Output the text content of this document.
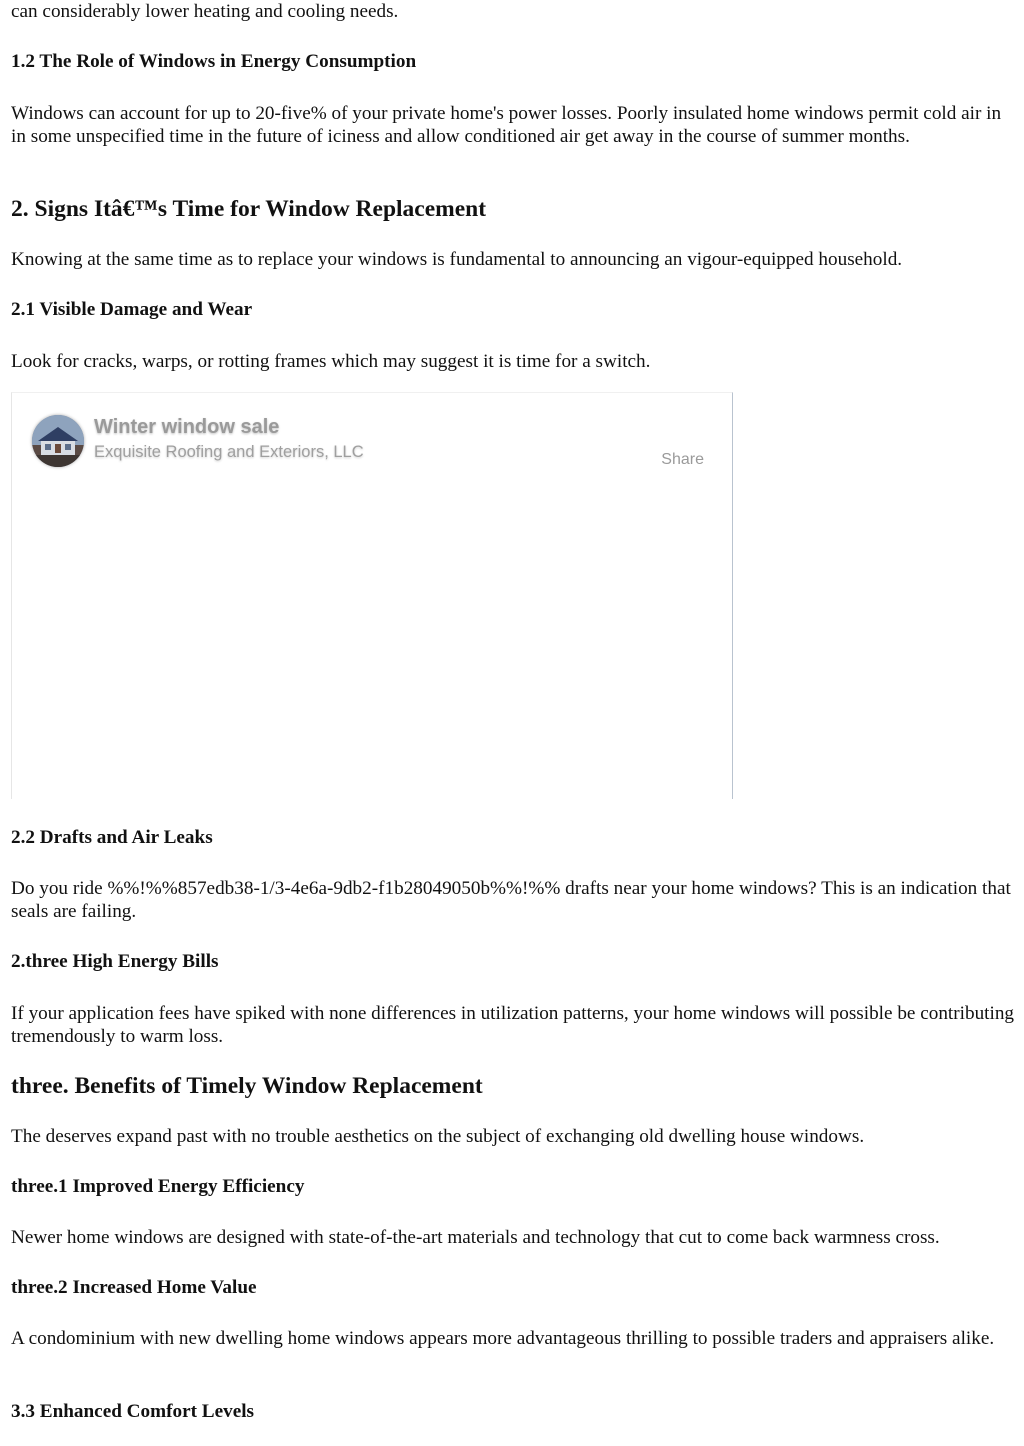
can considerably lower heating and cooling needs.

1.2 The Role of Windows in Energy Consumption

Windows can account for up to 20-five% of your private home's power losses. Poorly insulated home windows permit cold air in in some unspecified time in the future of iciness and allow conditioned air get away in the course of summer months.

2. Signs Itâ€™s Time for Window Replacement

Knowing at the same time as to replace your windows is fundamental to announcing an vigour-equipped household.

2.1 Visible Damage and Wear

Look for cracks, warps, or rotting frames which may suggest it is time for a switch.

Winter window sale
Exquisite Roofing and Exteriors, LLC	Share
2.2 Drafts and Air Leaks

Do you ride %%!%%857edb38-1/3-4e6a-9db2-f1b28049050b%%!%% drafts near your home windows? This is an indication that seals are failing.

2.three High Energy Bills

If your application fees have spiked with none differences in utilization patterns, your home windows will possible be contributing tremendously to warm loss.

three. Benefits of Timely Window Replacement

The deserves expand past with no trouble aesthetics on the subject of exchanging old dwelling house windows.

three.1 Improved Energy Efficiency

Newer home windows are designed with state-of-the-art materials and technology that cut to come back warmness cross.

three.2 Increased Home Value

A condominium with new dwelling home windows appears more advantageous thrilling to possible traders and appraisers alike.

3.3 Enhanced Comfort Levels
